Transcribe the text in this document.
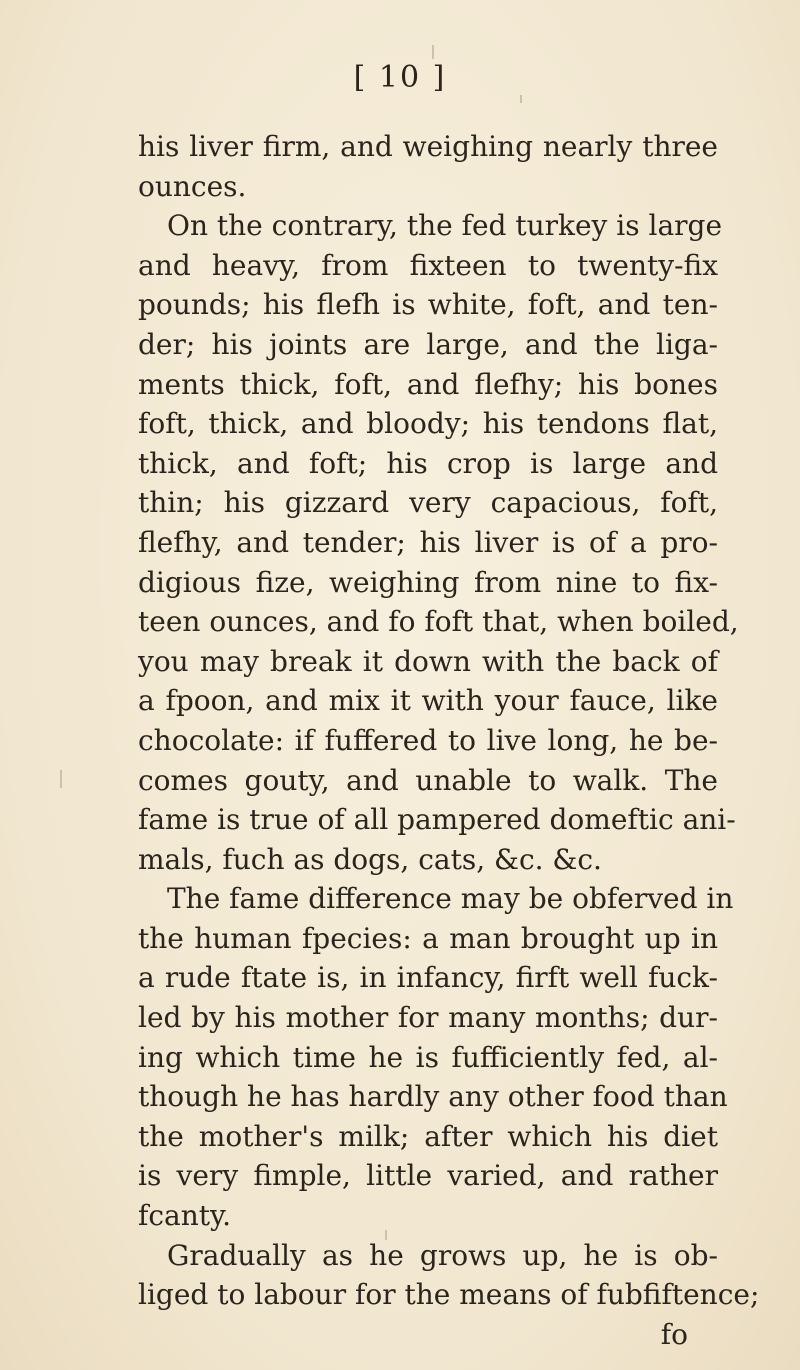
[ 10 ]
his liver firm, and weighing nearly three
ounces.
On the contrary, the fed turkey is large
and heavy, from fixteen to twenty-fix
pounds; his flefh is white, foft, and ten-
der; his joints are large, and the liga-
ments thick, foft, and flefhy; his bones
foft, thick, and bloody; his tendons flat,
thick, and foft; his crop is large and
thin; his gizzard very capacious, foft,
flefhy, and tender; his liver is of a pro-
digious fize, weighing from nine to fix-
teen ounces, and fo foft that, when boiled,
you may break it down with the back of
a fpoon, and mix it with your fauce, like
chocolate: if fuffered to live long, he be-
comes gouty, and unable to walk. The
fame is true of all pampered domeftic ani-
mals, fuch as dogs, cats, &c. &c.
The fame difference may be obferved in
the human fpecies: a man brought up in
a rude ftate is, in infancy, firft well fuck-
led by his mother for many months; dur-
ing which time he is fufficiently fed, al-
though he has hardly any other food than
the mother's milk; after which his diet
is very fimple, little varied, and rather
fcanty.
Gradually as he grows up, he is ob-
liged to labour for the means of fubfiftence;
fo
